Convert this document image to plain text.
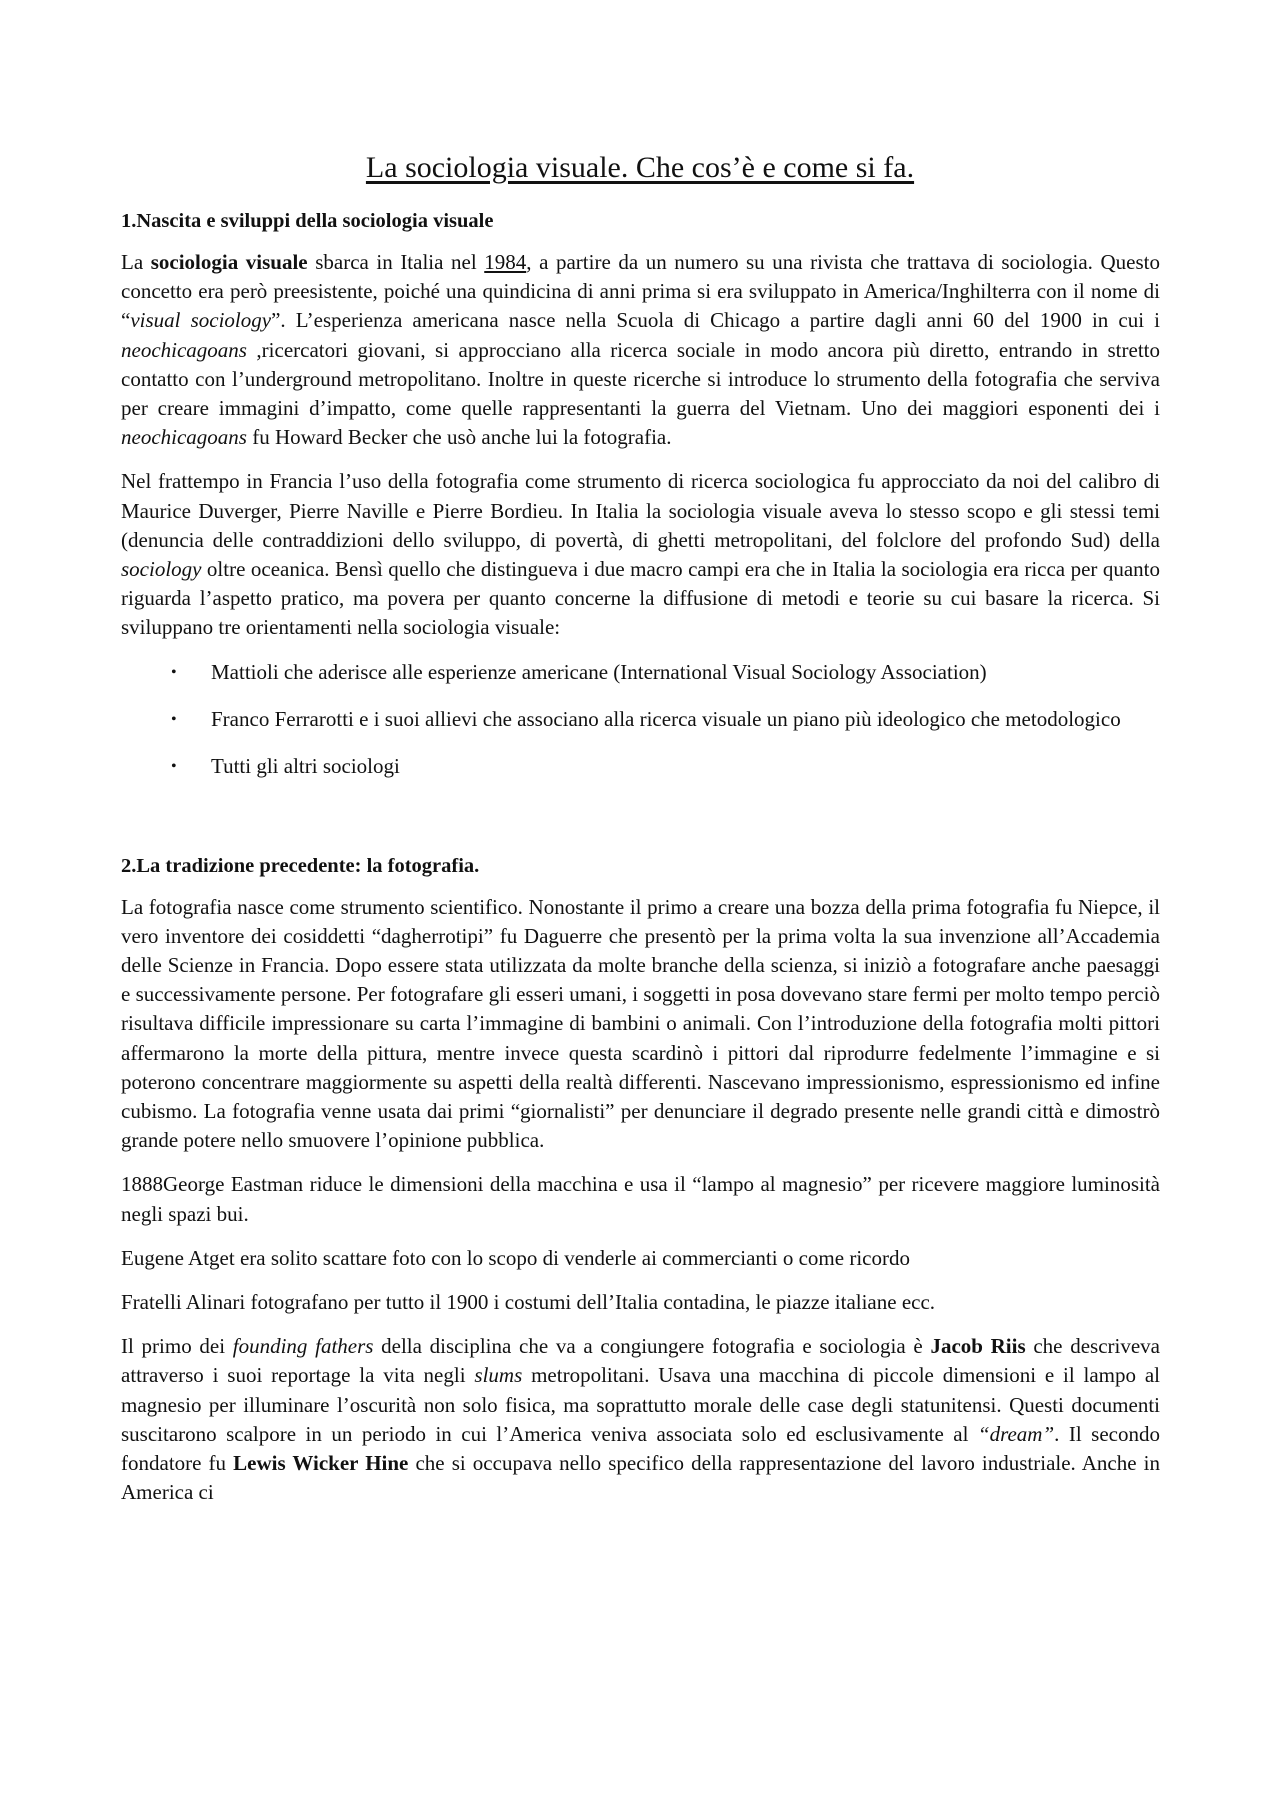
La sociologia visuale. Che cos’è e come si fa.
1.Nascita e sviluppi della sociologia visuale

La sociologia visuale sbarca in Italia nel 1984, a partire da un numero su una rivista che trattava di sociologia. Questo concetto era però preesistente, poiché una quindicina di anni prima si era sviluppato in America/Inghilterra con il nome di “visual sociology”. L’esperienza americana nasce nella Scuola di Chicago a partire dagli anni 60 del 1900 in cui i neochicagoans ,ricercatori giovani, si approcciano alla ricerca sociale in modo ancora più diretto, entrando in stretto contatto con l’underground metropolitano. Inoltre in queste ricerche si introduce lo strumento della fotografia che serviva per creare immagini d’impatto, come quelle rappresentanti la guerra del Vietnam. Uno dei maggiori esponenti dei i neochicagoans fu Howard Becker che usò anche lui la fotografia.

Nel frattempo in Francia l’uso della fotografia come strumento di ricerca sociologica fu approcciato da noi del calibro di Maurice Duverger, Pierre Naville e Pierre Bordieu. In Italia la sociologia visuale aveva lo stesso scopo e gli stessi temi (denuncia delle contraddizioni dello sviluppo, di povertà, di ghetti metropolitani, del folclore del profondo Sud) della sociology oltre oceanica. Bensì quello che distingueva i due macro campi era che in Italia la sociologia era ricca per quanto riguarda l’aspetto pratico, ma povera per quanto concerne la diffusione di metodi e teorie su cui basare la ricerca. Si sviluppano tre orientamenti nella sociologia visuale:

• Mattioli che aderisce alle esperienze americane (International Visual Sociology Association)
• Franco Ferrarotti e i suoi allievi che associano alla ricerca visuale un piano più ideologico che metodologico
• Tutti gli altri sociologi
2.La tradizione precedente: la fotografia.

La fotografia nasce come strumento scientifico. Nonostante il primo a creare una bozza della prima fotografia fu Niepce, il vero inventore dei cosiddetti “dagherrotipi” fu Daguerre che presentò per la prima volta la sua invenzione all’Accademia delle Scienze in Francia. Dopo essere stata utilizzata da molte branche della scienza, si iniziò a fotografare anche paesaggi e successivamente persone. Per fotografare gli esseri umani, i soggetti in posa dovevano stare fermi per molto tempo perciò risultava difficile impressionare su carta l’immagine di bambini o animali. Con l’introduzione della fotografia molti pittori affermarono la morte della pittura, mentre invece questa scardinò i pittori dal riprodurre fedelmente l’immagine e si poterono concentrare maggiormente su aspetti della realtà differenti. Nascevano impressionismo, espressionismo ed infine cubismo. La fotografia venne usata dai primi “giornalisti” per denunciare il degrado presente nelle grandi città e dimostrò grande potere nello smuovere l’opinione pubblica.

1888George Eastman riduce le dimensioni della macchina e usa il “lampo al magnesio” per ricevere maggiore luminosità negli spazi bui.

Eugene Atget era solito scattare foto con lo scopo di venderle ai commercianti o come ricordo

Fratelli Alinari fotografano per tutto il 1900 i costumi dell’Italia contadina, le piazze italiane ecc.

Il primo dei founding fathers della disciplina che va a congiungere fotografia e sociologia è Jacob Riis che descriveva attraverso i suoi reportage la vita negli slums metropolitani. Usava una macchina di piccole dimensioni e il lampo al magnesio per illuminare l’oscurità non solo fisica, ma soprattutto morale delle case degli statunitensi. Questi documenti suscitarono scalpore in un periodo in cui l’America veniva associata solo ed esclusivamente al “dream”. Il secondo fondatore fu Lewis Wicker Hine che si occupava nello specifico della rappresentazione del lavoro industriale. Anche in America ci
